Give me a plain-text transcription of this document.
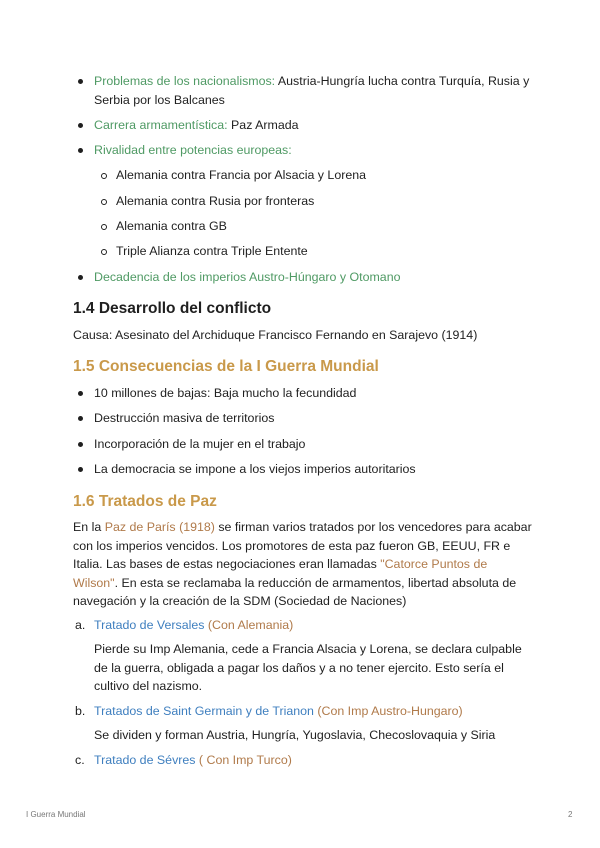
Problemas de los nacionalismos: Austria-Hungría lucha contra Turquía, Rusia y Serbia por los Balcanes
Carrera armamentística: Paz Armada
Rivalidad entre potencias europeas:
Alemania contra Francia por Alsacia y Lorena
Alemania contra Rusia por fronteras
Alemania contra GB
Triple Alianza contra Triple Entente
Decadencia de los imperios Austro-Húngaro y Otomano
1.4 Desarrollo del conflicto

Causa: Asesinato del Archiduque Francisco Fernando en Sarajevo (1914)

1.5 Consecuencias de la I Guerra Mundial
10 millones de bajas: Baja mucho la fecundidad
Destrucción masiva de territorios
Incorporación de la mujer en el trabajo
La democracia se impone a los viejos imperios autoritarios
1.6 Tratados de Paz

En la Paz de París (1918) se firman varios tratados por los vencedores para acabar con los imperios vencidos. Los promotores de esta paz fueron GB, EEUU, FR e Italia. Las bases de estas negociaciones eran llamadas "Catorce Puntos de Wilson". En esta se reclamaba la reducción de armamentos, libertad absoluta de navegación y la creación de la SDM (Sociedad de Naciones)

a. Tratado de Versales (Con Alemania)
Pierde su Imp Alemania, cede a Francia Alsacia y Lorena, se declara culpable de la guerra, obligada a pagar los daños y a no tener ejercito. Esto sería el cultivo del nazismo.
b. Tratados de Saint Germain y de Trianon (Con Imp Austro-Hungaro)
Se dividen y forman Austria, Hungría, Yugoslavia, Checoslovaquia y Siria
c. Tratado de Sévres ( Con Imp Turco)
I Guerra Mundial	2
